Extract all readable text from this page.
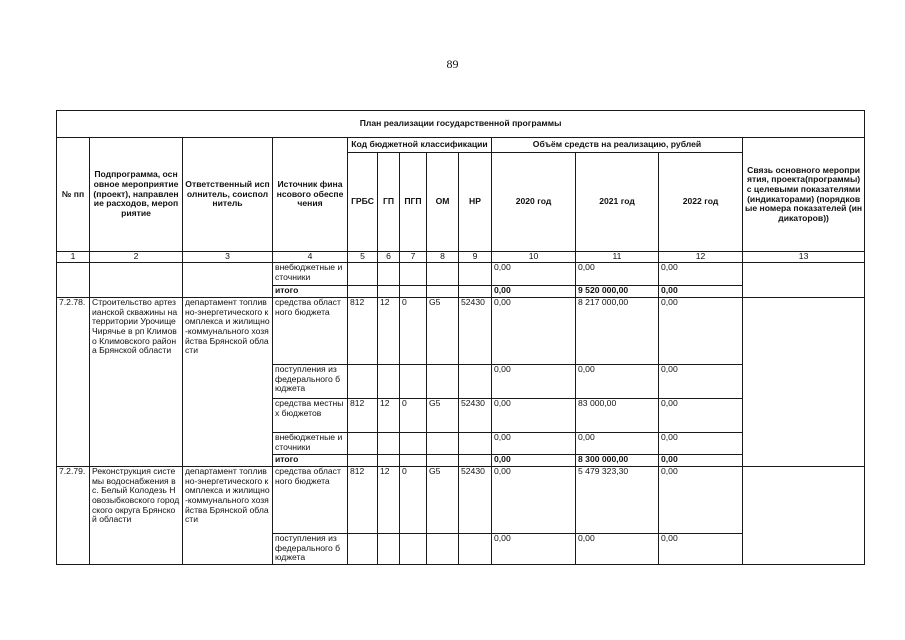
89
План реализации государственной программы												
№ пп	Подпрограмма, основное мероприятие(проект), направление расходов, мероприятие	Ответственный исполнитель, соисполнитель	Источник финансового обеспечения	Код бюджетной классификации					Объём средств на реализацию, рублей			Связь основного мероприятия, проекта(программы) с целевыми показателями (индикаторами) (порядковые номера показателей (индикаторов))
				ГРБС	ГП	ПГП	ОМ	НР	2020 год	2021 год	2022 год	
1	2	3	4	5	6	7	8	9	10	11	12	13
			внебюджетные источники						0,00	0,00	0,00	
			итого						0,00	9 520 000,00	0,00	
7.2.78.	Строительство артезианской скважины на территории Урочище Чирячье в рп Климово Климовского района Брянской области	департамент топливно-энергетического комплекса и жилищно-коммунального хозяйства Брянской области	средства областного бюджета	812	12	0	G5	52430	0,00	8 217 000,00	0,00	
			поступления из федерального бюджета						0,00	0,00	0,00	
			средства местных бюджетов	812	12	0	G5	52430	0,00	83 000,00	0,00	
			внебюджетные источники						0,00	0,00	0,00	
			итого						0,00	8 300 000,00	0,00	
7.2.79.	Реконструкция системы водоснабжения в с. Белый Колодезь Новозыбковского городского округа Брянской области	департамент топливно-энергетического комплекса и жилищно-коммунального хозяйства Брянской области	средства областного бюджета	812	12	0	G5	52430	0,00	5 479 323,30	0,00	
			поступления из федерального бюджета						0,00	0,00	0,00	
